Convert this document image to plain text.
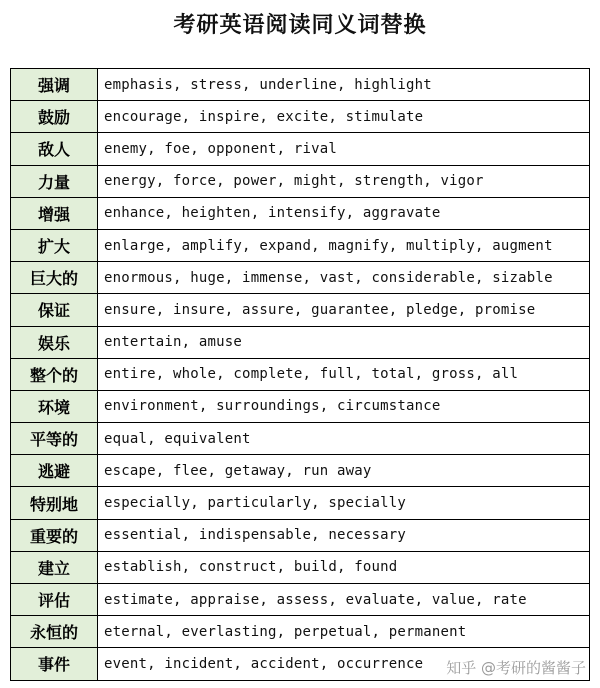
考研英语阅读同义词替换
强调	emphasis, stress, underline, highlight
鼓励	encourage, inspire, excite, stimulate
敌人	enemy, foe, opponent, rival
力量	energy, force, power, might, strength, vigor
增强	enhance, heighten, intensify, aggravate
扩大	enlarge, amplify, expand, magnify, multiply, augment
巨大的	enormous, huge, immense, vast, considerable, sizable
保证	ensure, insure, assure, guarantee, pledge, promise
娱乐	entertain, amuse
整个的	entire, whole, complete, full, total, gross, all
环境	environment, surroundings, circumstance
平等的	equal, equivalent
逃避	escape, flee, getaway, run away
特别地	especially, particularly, specially
重要的	essential, indispensable, necessary
建立	establish, construct, build, found
评估	estimate, appraise, assess, evaluate, value, rate
永恒的	eternal, everlasting, perpetual, permanent
事件	event, incident, accident, occurrence 知乎 @考研的酱酱子
